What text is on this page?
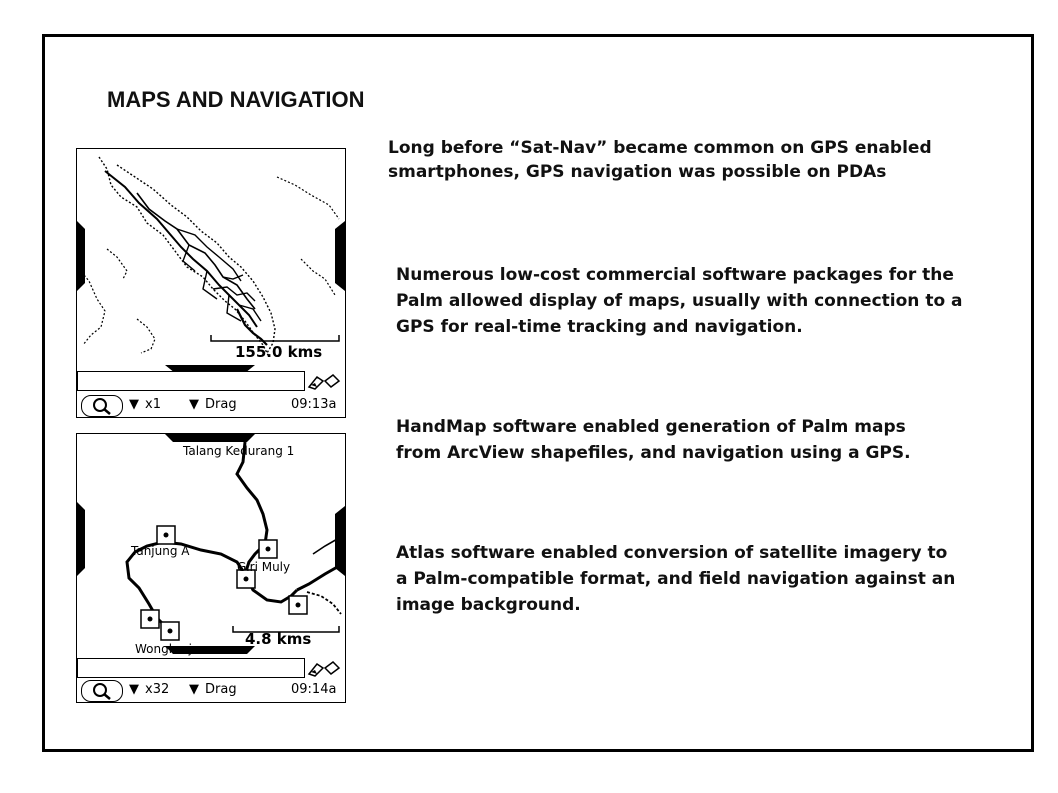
MAPS AND NAVIGATION
Long before “Sat-Nav” became common on GPS enabled smartphones, GPS navigation was possible on PDAs
Numerous low-cost commercial software packages for the Palm allowed display of maps, usually with connection to a GPS for real-time tracking and navigation.
HandMap software enabled generation of Palm maps from ArcView shapefiles, and navigation using a GPS.
Atlas software enabled conversion of satellite imagery to a Palm-compatible format, and field navigation against an image background.
155.0 kms
▼ x1 ▼ Drag	09:13a
Talang Kedurang 1
Tanjung A
Giri Muly
Wongharjo
4.8 kms
▼ x32 ▼ Drag	09:14a
